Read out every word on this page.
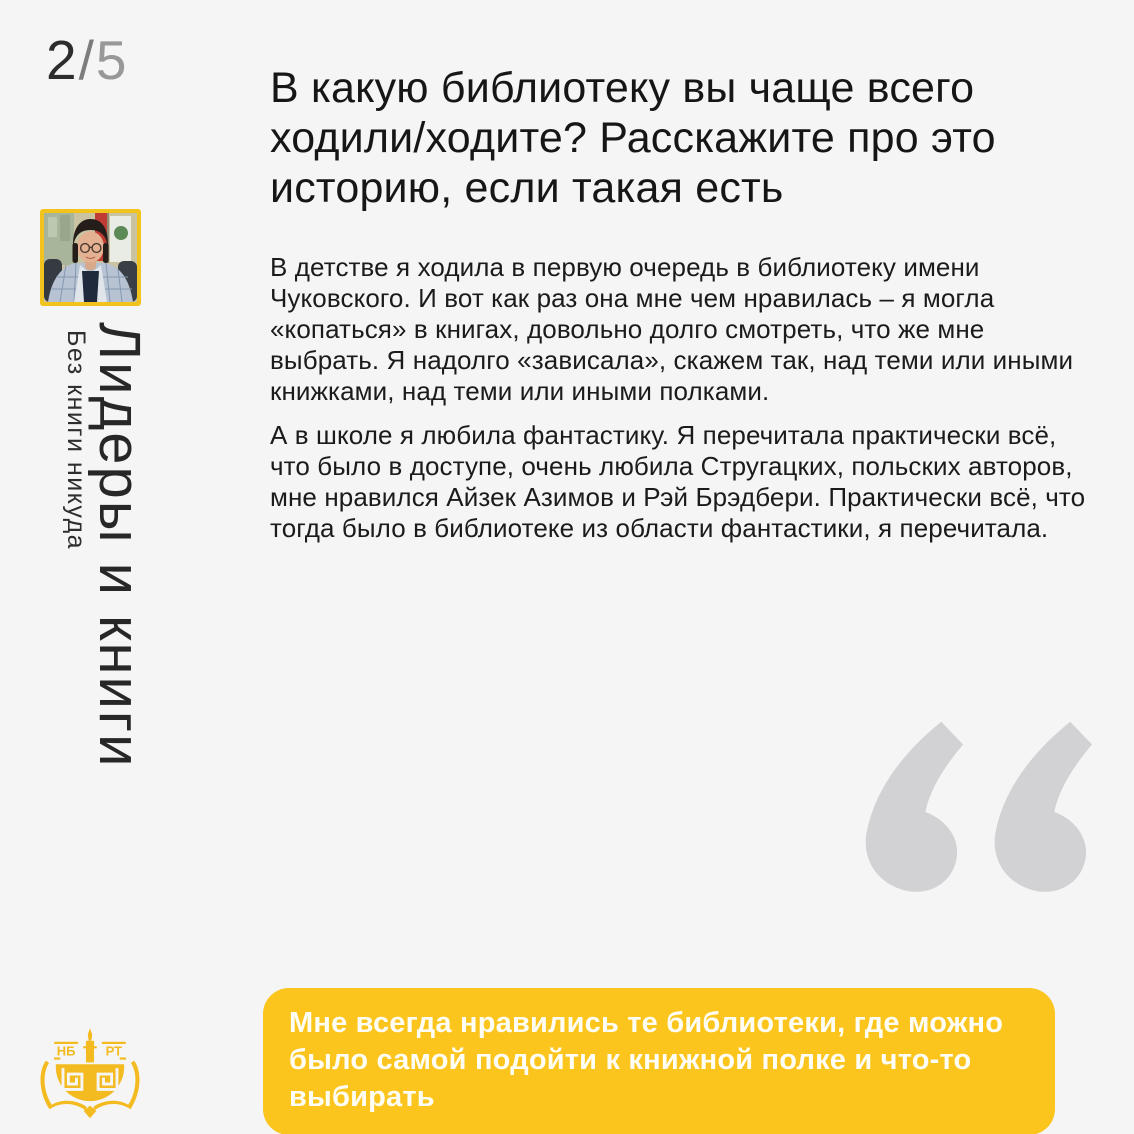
2/5	В какую библиотеку вы чаще всего ходили/ходите? Расскажите про это историю, если такая есть
Лидеры и книги
Без книги никуда

В детстве я ходила в первую очередь в библиотеку имени Чуковского. И вот как раз она мне чем нравилась – я могла «копаться» в книгах, довольно долго смотреть, что же мне выбрать. Я надолго «зависала», скажем так, над теми или иными книжками, над теми или иными полками.

А в школе я любила фантастику. Я перечитала практически всё, что было в доступе, очень любила Стругацких, польских авторов, мне нравился Айзек Азимов и Рэй Брэдбери. Практически всё, что тогда было в библиотеке из области фантастики, я перечитала.

Мне всегда нравились те библиотеки, где можно было самой подойти к книжной полке и что-то выбирать

НБ РТ
